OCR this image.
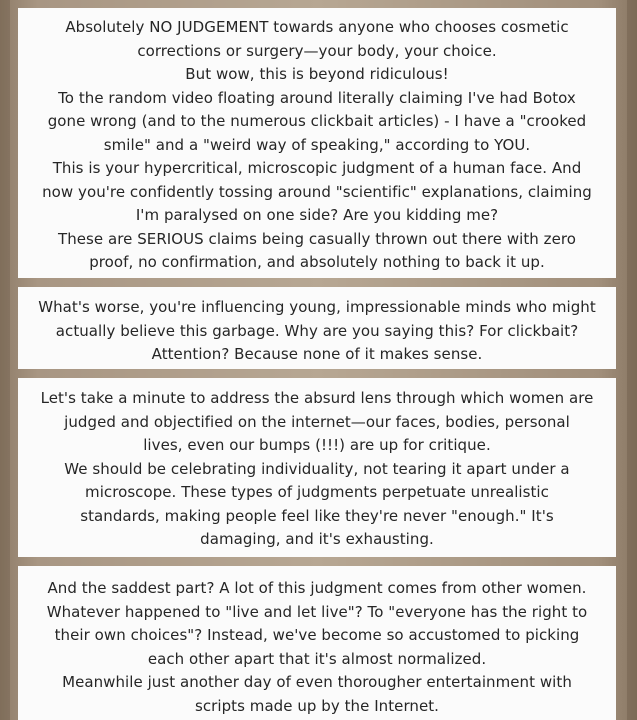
Absolutely NO JUDGEMENT towards anyone who chooses cosmetic

corrections or surgery—your body, your choice.

But wow, this is beyond ridiculous!

To the random video floating around literally claiming I've had Botox

gone wrong (and to the numerous clickbait articles) - I have a "crooked

smile" and a "weird way of speaking," according to YOU.

This is your hypercritical, microscopic judgment of a human face. And

now you're confidently tossing around "scientific" explanations, claiming

I'm paralysed on one side? Are you kidding me?

These are SERIOUS claims being casually thrown out there with zero

proof, no confirmation, and absolutely nothing to back it up.

What's worse, you're influencing young, impressionable minds who might

actually believe this garbage. Why are you saying this? For clickbait?

Attention? Because none of it makes sense.

Let's take a minute to address the absurd lens through which women are

judged and objectified on the internet—our faces, bodies, personal

lives, even our bumps (!!!) are up for critique.

We should be celebrating individuality, not tearing it apart under a

microscope. These types of judgments perpetuate unrealistic

standards, making people feel like they're never "enough." It's

damaging, and it's exhausting.

And the saddest part? A lot of this judgment comes from other women.

Whatever happened to "live and let live"? To "everyone has the right to

their own choices"? Instead, we've become so accustomed to picking

each other apart that it's almost normalized.

Meanwhile just another day of even thorougher entertainment with

scripts made up by the Internet.
